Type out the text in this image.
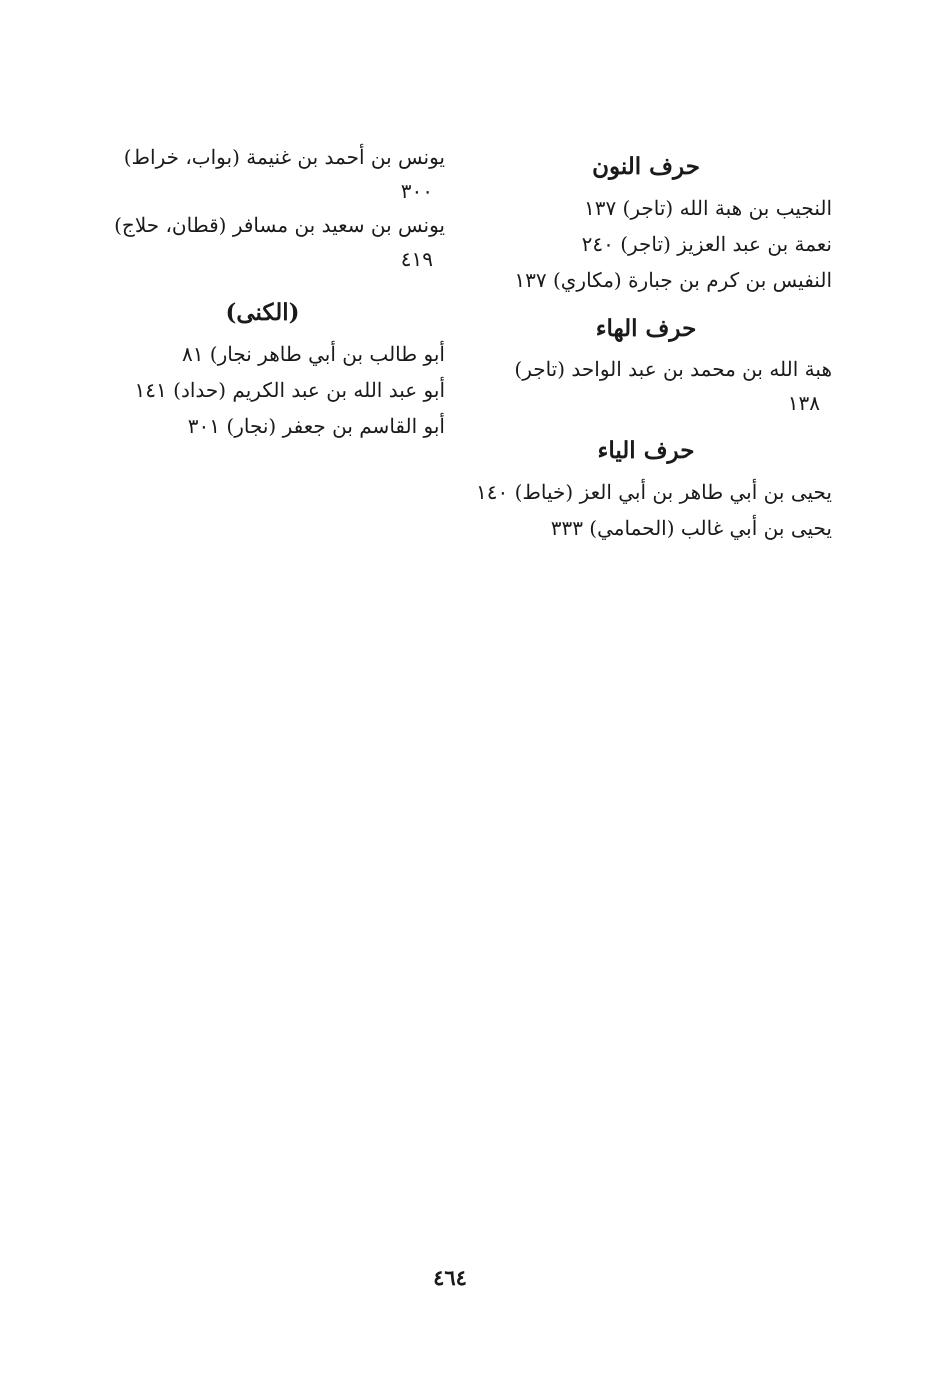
حرف النون

النجيب بن هبة الله (تاجر) ١٣٧

نعمة بن عبد العزيز (تاجر) ٢٤٠

النفيس بن كرم بن جبارة (مكاري) ١٣٧

حرف الهاء

هبة الله بن محمد بن عبد الواحد (تاجر)
١٣٨

حرف الياء

يحيى بن أبي طاهر بن أبي العز (خياط) ١٤٠

يحيى بن أبي غالب (الحمامي) ٣٣٣

يونس بن أحمد بن غنيمة (بواب، خراط)
٣٠٠

يونس بن سعيد بن مسافر (قطان، حلاج)
٤١٩

(الكنى)

أبو طالب بن أبي طاهر نجار) ٨١

أبو عبد الله بن عبد الكريم (حداد) ١٤١

أبو القاسم بن جعفر (نجار) ٣٠١

٤٦٤
